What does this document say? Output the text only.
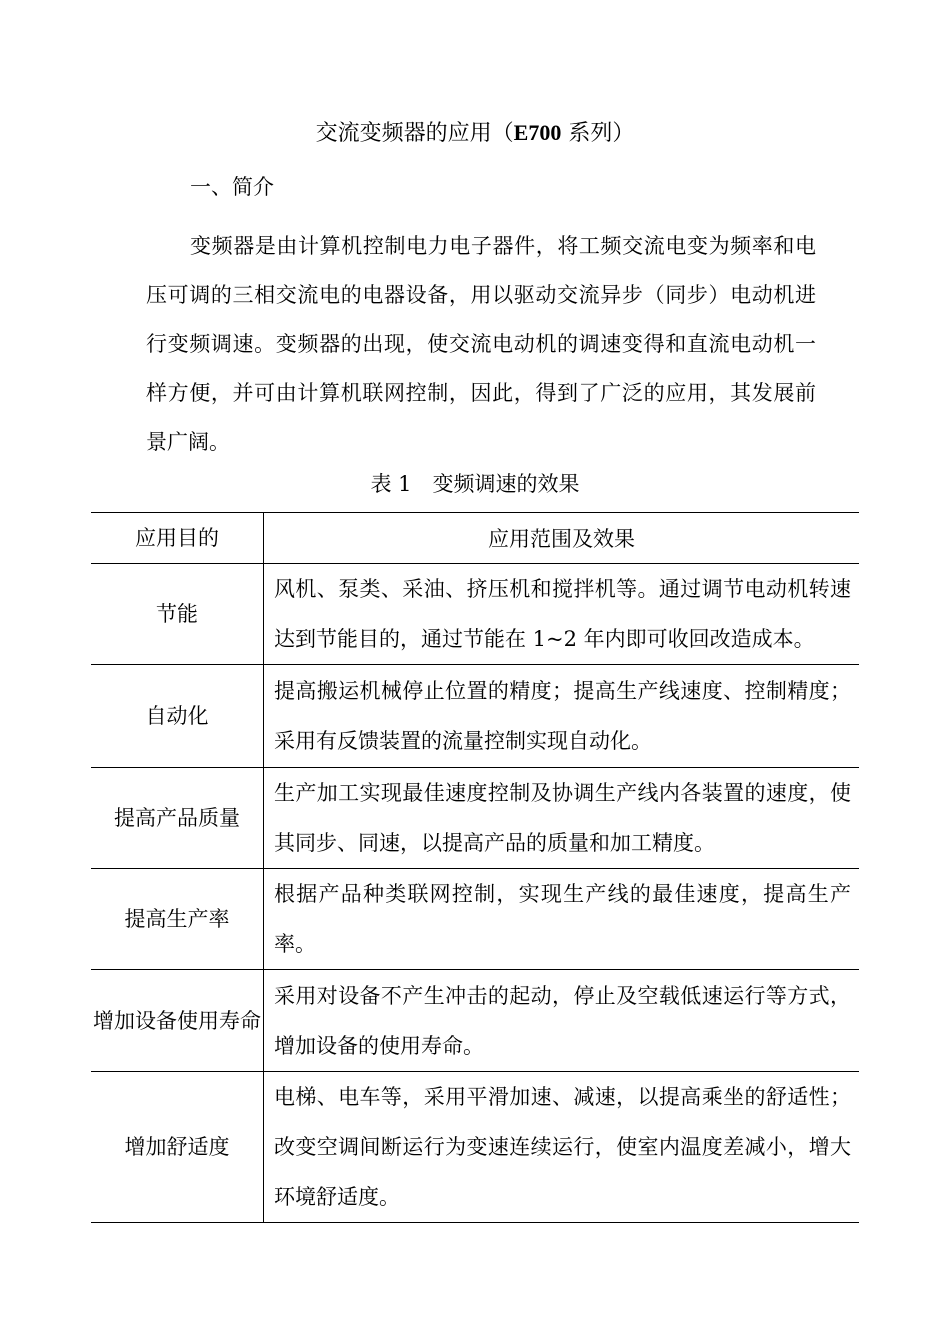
交流变频器的应用（E700 系列）
一、简介

变频器是由计算机控制电力电子器件，将工频交流电变为频率和电压可调的三相交流电的电器设备，用以驱动交流异步（同步）电动机进行变频调速。变频器的出现，使交流电动机的调速变得和直流电动机一样方便，并可由计算机联网控制，因此，得到了广泛的应用，其发展前景广阔。

表 1　变频调速的效果
应用目的	应用范围及效果
节能	风机、泵类、采油、挤压机和搅拌机等。通过调节电动机转速达到节能目的，通过节能在 1~2 年内即可收回改造成本。
自动化	提高搬运机械停止位置的精度；提高生产线速度、控制精度；采用有反馈装置的流量控制实现自动化。
提高产品质量	生产加工实现最佳速度控制及协调生产线内各装置的速度，使其同步、同速，以提高产品的质量和加工精度。
提高生产率	根据产品种类联网控制，实现生产线的最佳速度，提高生产率。
增加设备使用寿命	采用对设备不产生冲击的起动，停止及空载低速运行等方式，增加设备的使用寿命。
增加舒适度	电梯、电车等，采用平滑加速、减速，以提高乘坐的舒适性；改变空调间断运行为变速连续运行，使室内温度差减小，增大环境舒适度。
